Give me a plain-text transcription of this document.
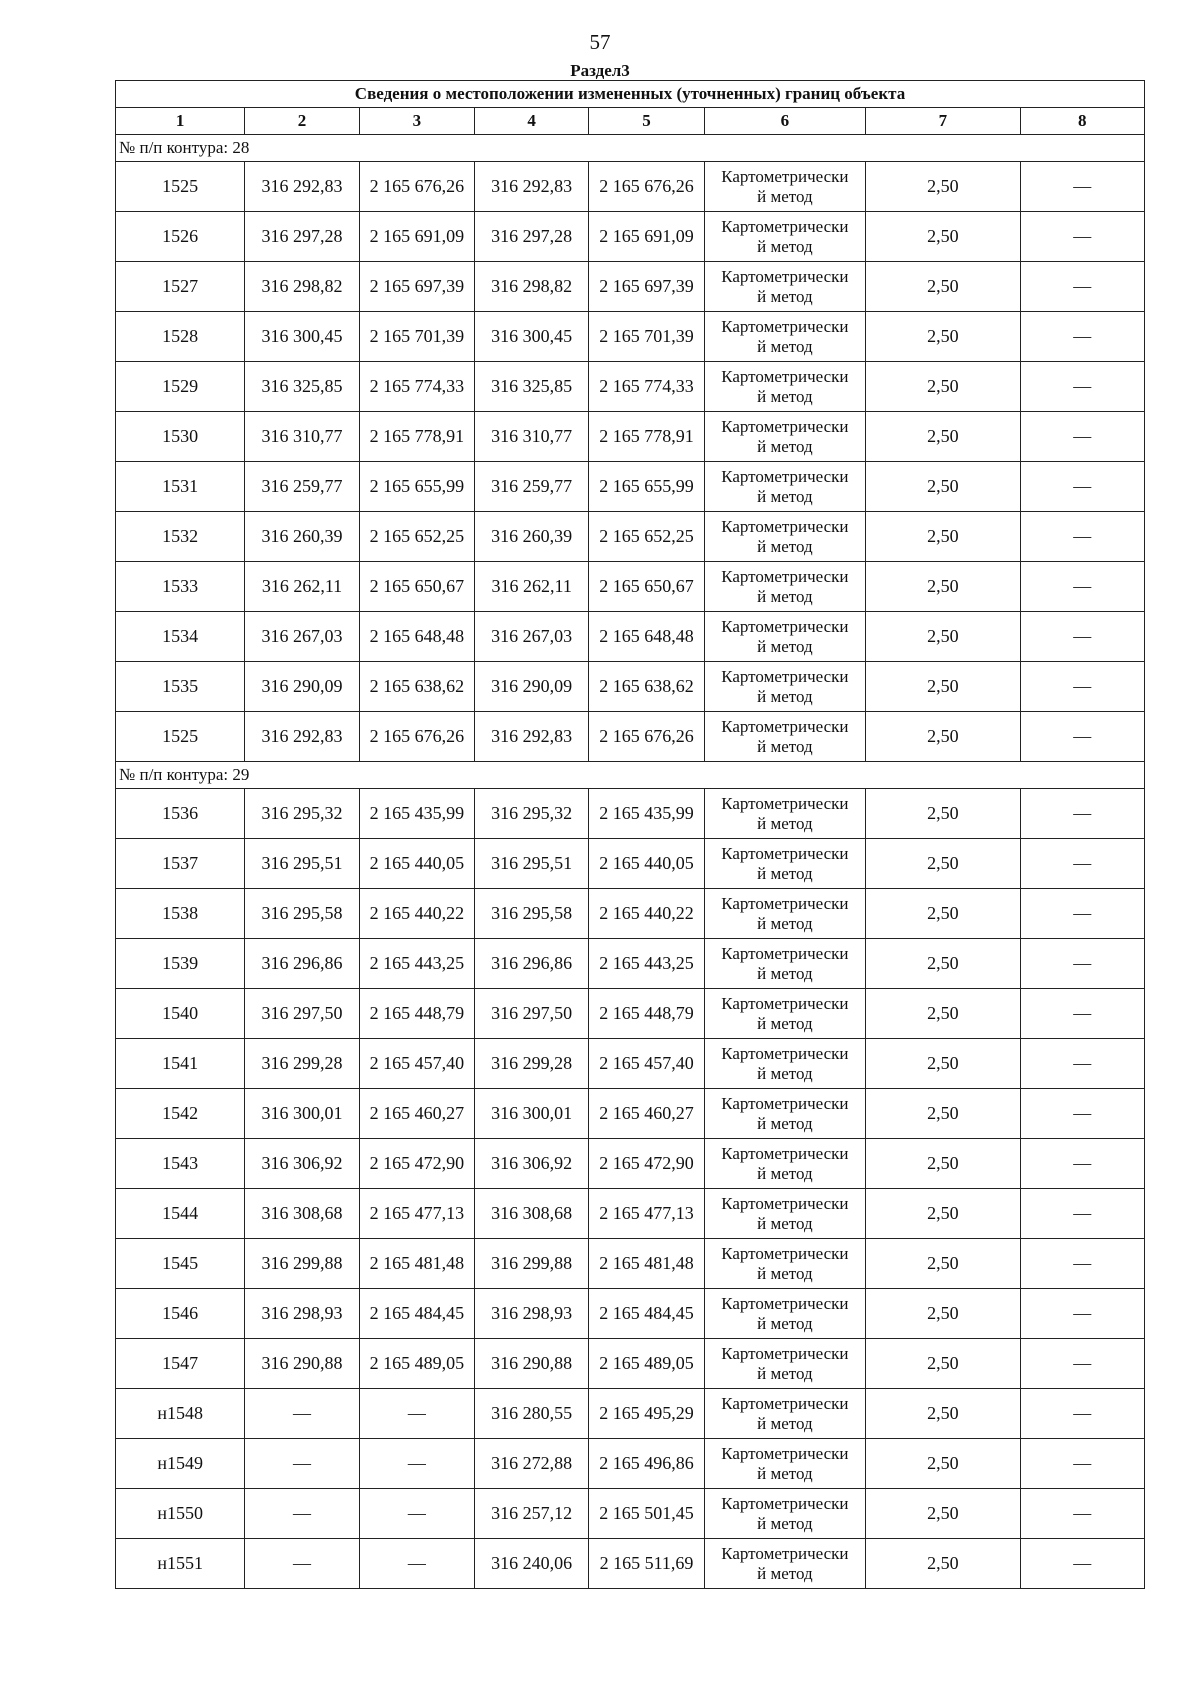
57
Раздел3
Сведения о местоположении измененных (уточненных) границ объекта							
1	2	3	4	5	6	7	8
№ п/п контура: 28							
1525	316 292,83	2 165 676,26	316 292,83	2 165 676,26	Картометрически
й метод	2,50	—
1526	316 297,28	2 165 691,09	316 297,28	2 165 691,09	Картометрически
й метод	2,50	—
1527	316 298,82	2 165 697,39	316 298,82	2 165 697,39	Картометрически
й метод	2,50	—
1528	316 300,45	2 165 701,39	316 300,45	2 165 701,39	Картометрически
й метод	2,50	—
1529	316 325,85	2 165 774,33	316 325,85	2 165 774,33	Картометрически
й метод	2,50	—
1530	316 310,77	2 165 778,91	316 310,77	2 165 778,91	Картометрически
й метод	2,50	—
1531	316 259,77	2 165 655,99	316 259,77	2 165 655,99	Картометрически
й метод	2,50	—
1532	316 260,39	2 165 652,25	316 260,39	2 165 652,25	Картометрически
й метод	2,50	—
1533	316 262,11	2 165 650,67	316 262,11	2 165 650,67	Картометрически
й метод	2,50	—
1534	316 267,03	2 165 648,48	316 267,03	2 165 648,48	Картометрически
й метод	2,50	—
1535	316 290,09	2 165 638,62	316 290,09	2 165 638,62	Картометрически
й метод	2,50	—
1525	316 292,83	2 165 676,26	316 292,83	2 165 676,26	Картометрически
й метод	2,50	—
№ п/п контура: 29							
1536	316 295,32	2 165 435,99	316 295,32	2 165 435,99	Картометрически
й метод	2,50	—
1537	316 295,51	2 165 440,05	316 295,51	2 165 440,05	Картометрически
й метод	2,50	—
1538	316 295,58	2 165 440,22	316 295,58	2 165 440,22	Картометрически
й метод	2,50	—
1539	316 296,86	2 165 443,25	316 296,86	2 165 443,25	Картометрически
й метод	2,50	—
1540	316 297,50	2 165 448,79	316 297,50	2 165 448,79	Картометрически
й метод	2,50	—
1541	316 299,28	2 165 457,40	316 299,28	2 165 457,40	Картометрически
й метод	2,50	—
1542	316 300,01	2 165 460,27	316 300,01	2 165 460,27	Картометрически
й метод	2,50	—
1543	316 306,92	2 165 472,90	316 306,92	2 165 472,90	Картометрически
й метод	2,50	—
1544	316 308,68	2 165 477,13	316 308,68	2 165 477,13	Картометрически
й метод	2,50	—
1545	316 299,88	2 165 481,48	316 299,88	2 165 481,48	Картометрически
й метод	2,50	—
1546	316 298,93	2 165 484,45	316 298,93	2 165 484,45	Картометрически
й метод	2,50	—
1547	316 290,88	2 165 489,05	316 290,88	2 165 489,05	Картометрически
й метод	2,50	—
н1548	—	—	316 280,55	2 165 495,29	Картометрически
й метод	2,50	—
н1549	—	—	316 272,88	2 165 496,86	Картометрически
й метод	2,50	—
н1550	—	—	316 257,12	2 165 501,45	Картометрически
й метод	2,50	—
н1551	—	—	316 240,06	2 165 511,69	Картометрически
й метод	2,50	—
